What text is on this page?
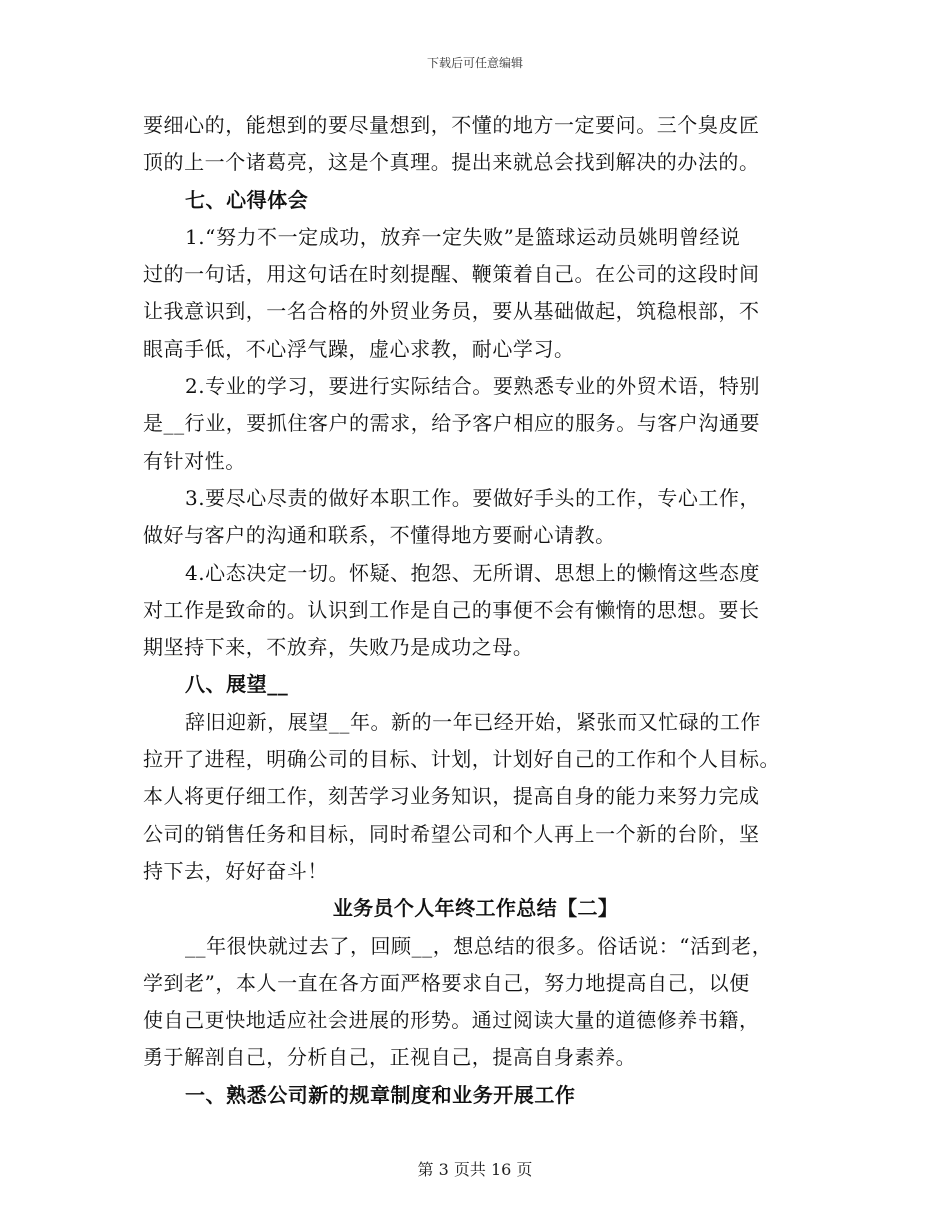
下载后可任意编辑
要细心的，能想到的要尽量想到，不懂的地方一定要问。三个臭皮匠
顶的上一个诸葛亮，这是个真理。提出来就总会找到解决的办法的。
七、心得体会
1.“努力不一定成功，放弃一定失败”是篮球运动员姚明曾经说
过的一句话，用这句话在时刻提醒、鞭策着自己。在公司的这段时间
让我意识到，一名合格的外贸业务员，要从基础做起，筑稳根部，不
眼高手低，不心浮气躁，虚心求教，耐心学习。
2.专业的学习，要进行实际结合。要熟悉专业的外贸术语，特别
是__行业，要抓住客户的需求，给予客户相应的服务。与客户沟通要
有针对性。
3.要尽心尽责的做好本职工作。要做好手头的工作，专心工作，
做好与客户的沟通和联系，不懂得地方要耐心请教。
4.心态决定一切。怀疑、抱怨、无所谓、思想上的懒惰这些态度
对工作是致命的。认识到工作是自己的事便不会有懒惰的思想。要长
期坚持下来，不放弃，失败乃是成功之母。
八、展望__
辞旧迎新，展望__年。新的一年已经开始，紧张而又忙碌的工作
拉开了进程，明确公司的目标、计划，计划好自己的工作和个人目标。
本人将更仔细工作，刻苦学习业务知识，提高自身的能力来努力完成
公司的销售任务和目标，同时希望公司和个人再上一个新的台阶，坚
持下去，好好奋斗！
业务员个人年终工作总结【二】
__年很快就过去了，回顾__，想总结的很多。俗话说：“活到老，
学到老”，本人一直在各方面严格要求自己，努力地提高自己，以便
使自己更快地适应社会进展的形势。通过阅读大量的道德修养书籍，
勇于解剖自己，分析自己，正视自己，提高自身素养。
一、熟悉公司新的规章制度和业务开展工作
第 3 页共 16 页
